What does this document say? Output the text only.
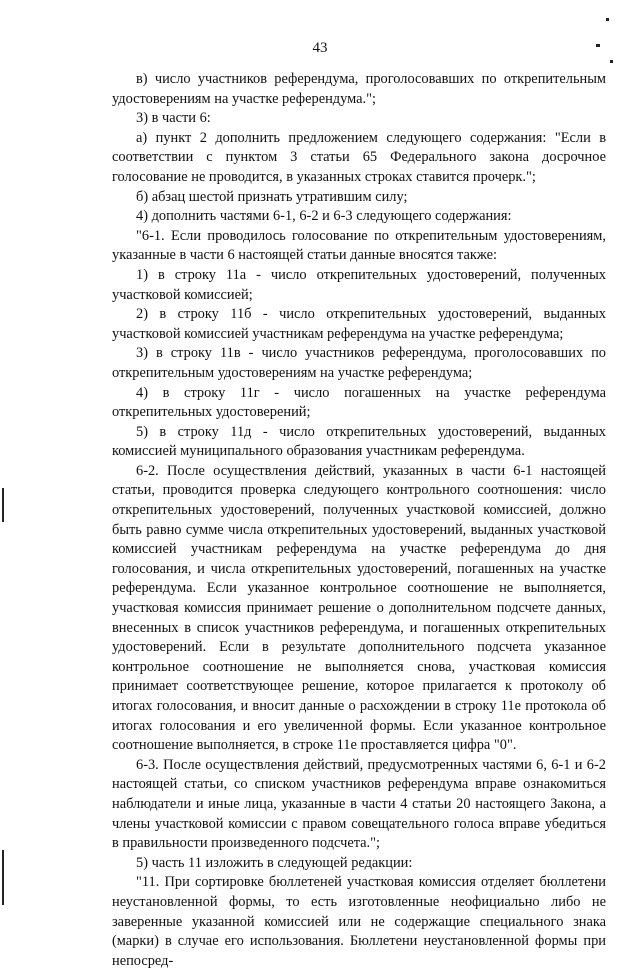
43

в) число участников референдума, проголосовавших по открепительным удостоверениям на участке референдума.";

3) в части 6:

а) пункт 2 дополнить предложением следующего содержания: "Если в соответствии с пунктом 3 статьи 65 Федерального закона досрочное голосование не проводится, в указанных строках ставится прочерк.";

б) абзац шестой признать утратившим силу;

4) дополнить частями 6-1, 6-2 и 6-3 следующего содержания:

"6-1. Если проводилось голосование по открепительным удостоверениям, указанные в части 6 настоящей статьи данные вносятся также:

1) в строку 11а - число открепительных удостоверений, полученных участковой комиссией;

2) в строку 11б - число открепительных удостоверений, выданных участковой комиссией участникам референдума на участке референдума;

3) в строку 11в - число участников референдума, проголосовавших по открепительным удостоверениям на участке референдума;

4) в строку 11г - число погашенных на участке референдума открепительных удостоверений;

5) в строку 11д - число открепительных удостоверений, выданных комиссией муниципального образования участникам референдума.

6-2. После осуществления действий, указанных в части 6-1 настоящей статьи, проводится проверка следующего контрольного соотношения: число открепительных удостоверений, полученных участковой комиссией, должно быть равно сумме числа открепительных удостоверений, выданных участковой комиссией участникам референдума на участке референдума до дня голосования, и числа открепительных удостоверений, погашенных на участке референдума. Если указанное контрольное соотношение не выполняется, участковая комиссия принимает решение о дополнительном подсчете данных, внесенных в список участников референдума, и погашенных открепительных удостоверений. Если в результате дополнительного подсчета указанное контрольное соотношение не выполняется снова, участковая комиссия принимает соответствующее решение, которое прилагается к протоколу об итогах голосования, и вносит данные о расхождении в строку 11е протокола об итогах голосования и его увеличенной формы. Если указанное контрольное соотношение выполняется, в строке 11е проставляется цифра "0".

6-3. После осуществления действий, предусмотренных частями 6, 6-1 и 6-2 настоящей статьи, со списком участников референдума вправе ознакомиться наблюдатели и иные лица, указанные в части 4 статьи 20 настоящего Закона, а члены участковой комиссии с правом совещательного голоса вправе убедиться в правильности произведенного подсчета.";

5) часть 11 изложить в следующей редакции:

"11. При сортировке бюллетеней участковая комиссия отделяет бюллетени неустановленной формы, то есть изготовленные неофициально либо не заверенные указанной комиссией или не содержащие специального знака (марки) в случае его использования. Бюллетени неустановленной формы при непосред-
